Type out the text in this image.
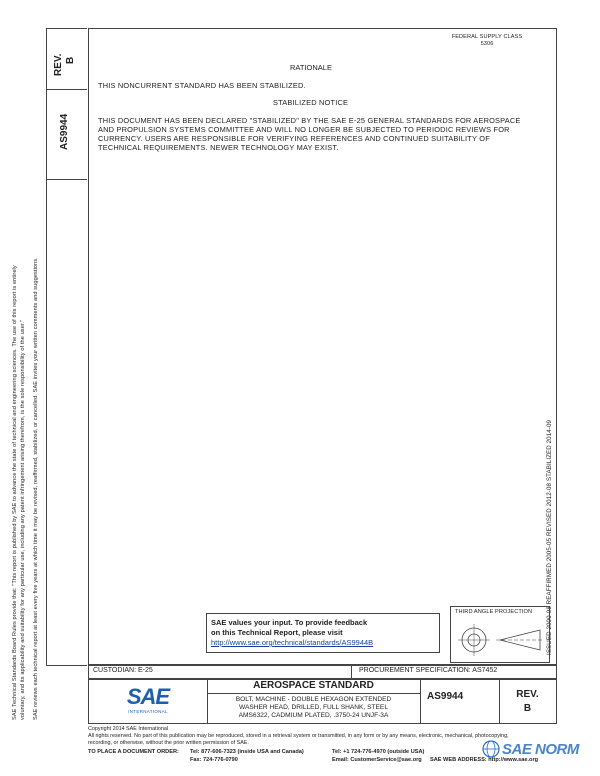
SAE Technical Standards Board Rules provide that: "This report is published by SAE to advance the state of technical and engineering sciences. The use of this report is entirely voluntary, and its applicability and suitability for any particular use, including any patent infringement arising therefrom, is the sole responsibility of the user." SAE reviews each technical report at least every five years at which time it may be revised, reaffirmed, stabilized, or cancelled. SAE invites your written comments and suggestions.
REV. B
AS9944
FEDERAL SUPPLY CLASS
5306
RATIONALE
THIS NONCURRENT STANDARD HAS BEEN STABILIZED.
STABILIZED NOTICE
THIS DOCUMENT HAS BEEN DECLARED "STABILIZED" BY THE SAE E-25 GENERAL STANDARDS FOR AEROSPACE
AND PROPULSION SYSTEMS COMMITTEE AND WILL NO LONGER BE SUBJECTED TO PERIODIC REVIEWS FOR
CURRENCY. USERS ARE RESPONSIBLE FOR VERIFYING REFERENCES AND CONTINUED SUITABILITY OF
TECHNICAL REQUIREMENTS. NEWER TECHNOLOGY MAY EXIST.
ISSUED 2000-08 REAFFIRMED 2005-05 REVISED 2012-08 STABILIZED 2014-09
SAE values your input. To provide feedback
on this Technical Report, please visit
http://www.sae.org/technical/standards/AS9944B
THIRD ANGLE PROJECTION
CUSTODIAN: E-25	PROCUREMENT SPECIFICATION: AS7452
SAE
INTERNATIONAL
AEROSPACE STANDARD
BOLT, MACHINE - DOUBLE HEXAGON EXTENDED
WASHER HEAD, DRILLED, FULL SHANK, STEEL
AMS6322, CADMIUM PLATED, .3750-24 UNJF-3A
AS9944	REV.
B
Copyright 2014 SAE International
All rights reserved. No part of this publication may be reproduced, stored in a retrieval system or transmitted, in any form or by any means, electronic, mechanical, photocopying,
recording, or otherwise, without the prior written permission of SAE.
TO PLACE A DOCUMENT ORDER: Tel: 877-606-7323 (inside USA and Canada)
Fax: 724-776-0790
Tel: +1 724-776-4970 (outside USA)
Email: CustomerService@sae.org SAE WEB ADDRESS: http://www.sae.org
SAE NORM
